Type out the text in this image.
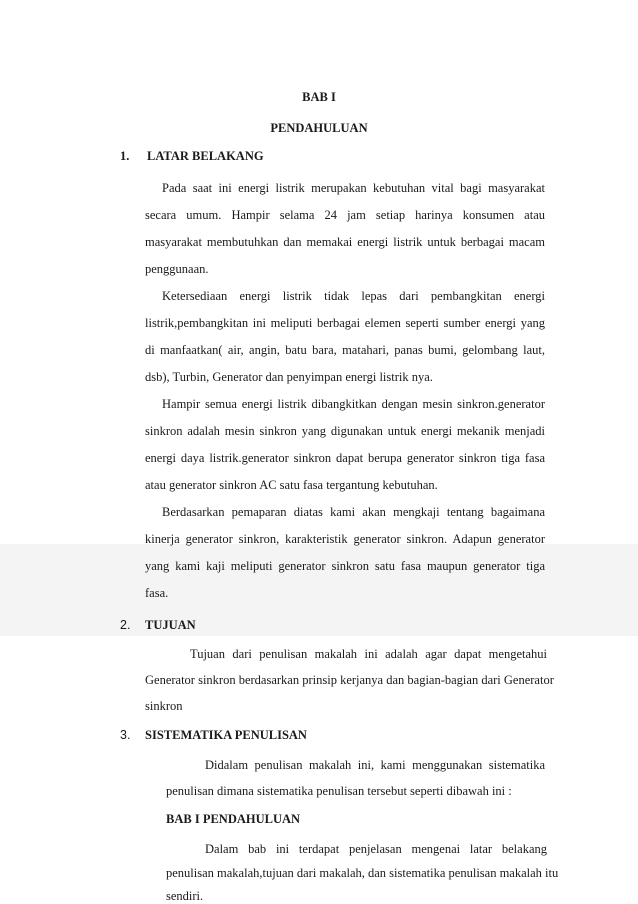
BAB I
PENDAHULUAN
1. LATAR BELAKANG
Pada saat ini energi listrik merupakan kebutuhan vital bagi masyarakat
secara umum. Hampir selama 24 jam setiap harinya konsumen atau
masyarakat membutuhkan dan memakai energi listrik untuk berbagai macam
penggunaan.
Ketersediaan energi listrik tidak lepas dari pembangkitan energi
listrik,pembangkitan ini meliputi berbagai elemen seperti sumber energi yang
di manfaatkan( air, angin, batu bara, matahari, panas bumi, gelombang laut,
dsb), Turbin, Generator dan penyimpan energi listrik nya.
Hampir semua energi listrik dibangkitkan dengan mesin sinkron.generator
sinkron adalah mesin sinkron yang digunakan untuk energi mekanik menjadi
energi daya listrik.generator sinkron dapat berupa generator sinkron tiga fasa
atau generator sinkron AC satu fasa tergantung kebutuhan.
Berdasarkan pemaparan diatas kami akan mengkaji tentang bagaimana
kinerja generator sinkron, karakteristik generator sinkron. Adapun generator
yang kami kaji meliputi generator sinkron satu fasa maupun generator tiga
fasa.
2. TUJUAN
Tujuan dari penulisan makalah ini adalah agar dapat mengetahui
Generator sinkron berdasarkan prinsip kerjanya dan bagian-bagian dari Generator
sinkron
3. SISTEMATIKA PENULISAN
Didalam penulisan makalah ini, kami menggunakan sistematika
penulisan dimana sistematika penulisan tersebut seperti dibawah ini :
BAB I PENDAHULUAN
Dalam bab ini terdapat penjelasan mengenai latar belakang
penulisan makalah,tujuan dari makalah, dan sistematika penulisan makalah itu
sendiri.
